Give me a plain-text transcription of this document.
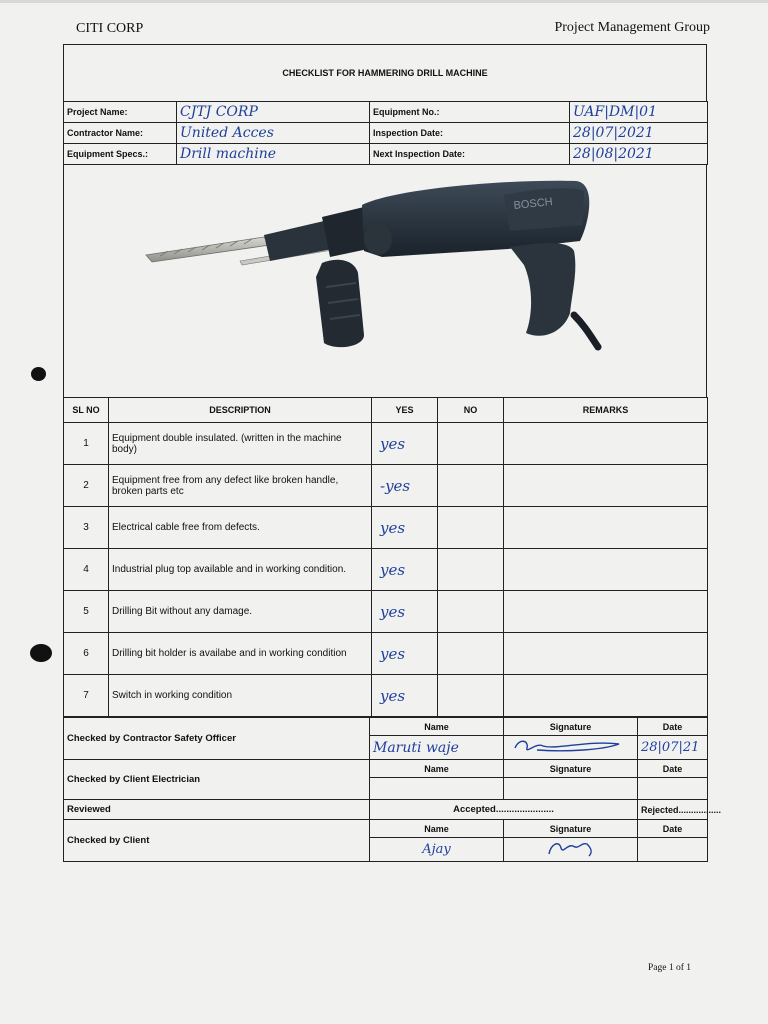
CITI CORP	Project Management Group
CHECKLIST FOR HAMMERING DRILL MACHINE
Project Name:	CJTJ CORP	Equipment No.:	UAF|DM|01
Contractor Name:	United Acces	Inspection Date:	28|07|2021
Equipment Specs.:	Drill machine	Next Inspection Date:	28|08|2021
BOSCH
SL NO	DESCRIPTION	YES	NO	REMARKS
1	Equipment double insulated. (written in the machine body)	yes		
2	Equipment free from any defect like broken handle, broken parts etc	-yes		
3	Electrical cable free from defects.	yes		
4	Industrial plug top available and in working condition.	yes		
5	Drilling Bit without any damage.	yes		
6	Drilling bit holder is availabe and in working condition	yes		
7	Switch in working condition	yes		
Checked by Contractor Safety Officer	Name	Signature	Date
	Maruti waje		28|07|21
Checked by Client Electrician	Name	Signature	Date

Reviewed	Accepted......................		Rejected.................
Checked by Client	Name	Signature	Date
	Ajay		
Page 1 of 1
